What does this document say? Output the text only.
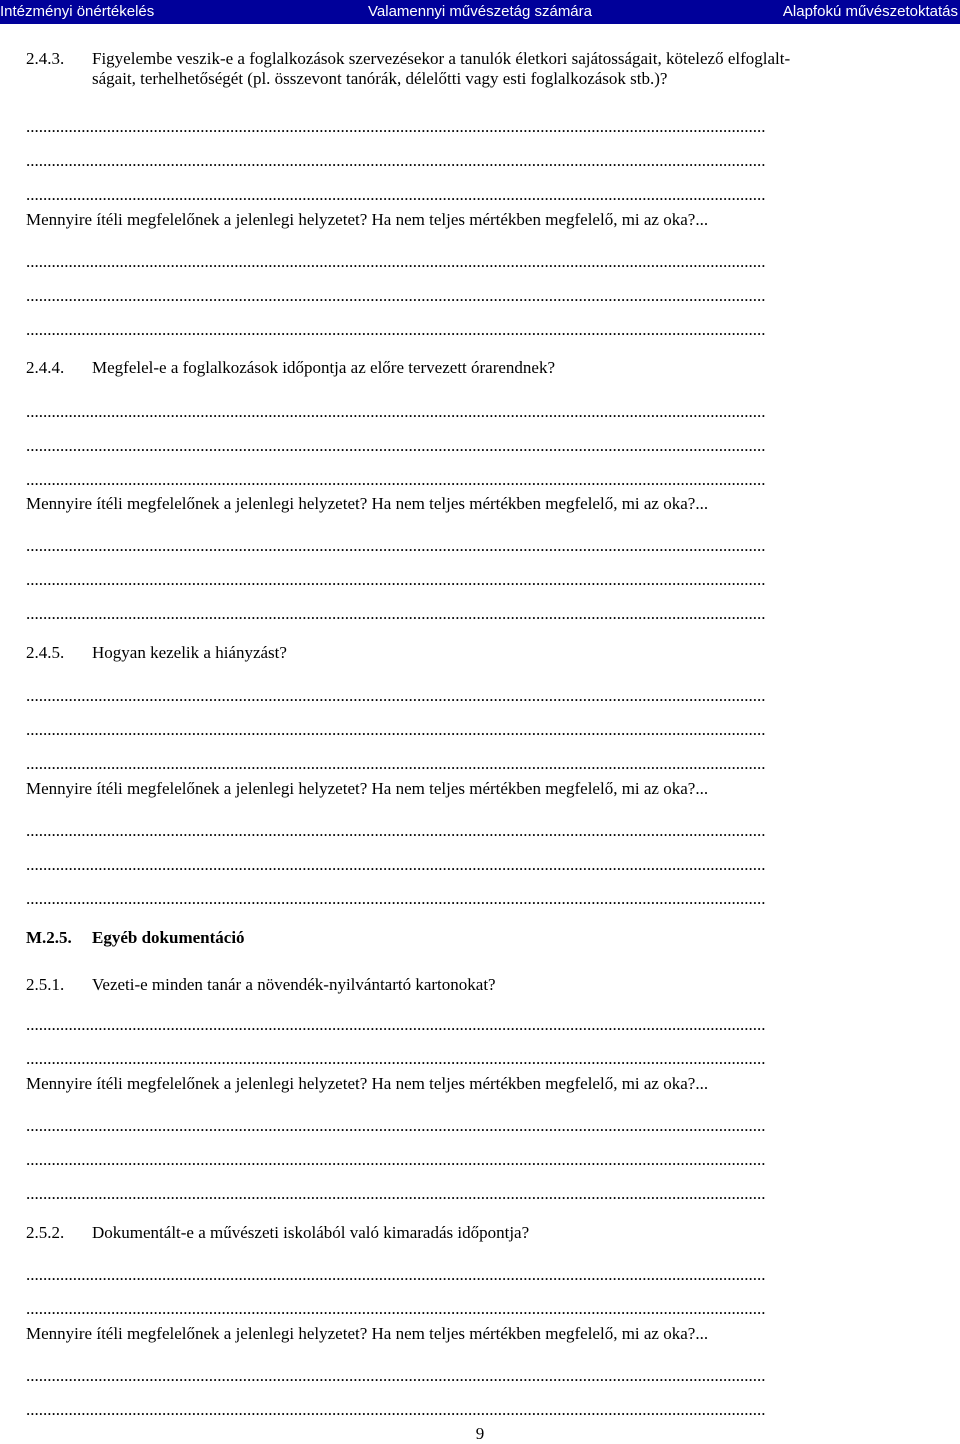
Intézményi önértékelés	Valamennyi művészetág számára	Alapfokú művészetoktatás
2.4.3. Figyelembe veszik-e a foglalkozások szervezésekor a tanulók életkori sajátosságait, kötelező elfoglalt-
ságait, terhelhetőségét (pl. összevont tanórák, délelőtti vagy esti foglalkozások stb.)?
..............................................................................................................................................................................
..............................................................................................................................................................................
..............................................................................................................................................................................
Mennyire ítéli megfelelőnek a jelenlegi helyzetet? Ha nem teljes mértékben megfelelő, mi az oka?...
..............................................................................................................................................................................
..............................................................................................................................................................................
..............................................................................................................................................................................
2.4.4. Megfelel-e a foglalkozások időpontja az előre tervezett órarendnek?
..............................................................................................................................................................................
..............................................................................................................................................................................
..............................................................................................................................................................................
Mennyire ítéli megfelelőnek a jelenlegi helyzetet? Ha nem teljes mértékben megfelelő, mi az oka?...
..............................................................................................................................................................................
..............................................................................................................................................................................
..............................................................................................................................................................................
2.4.5. Hogyan kezelik a hiányzást?
..............................................................................................................................................................................
..............................................................................................................................................................................
..............................................................................................................................................................................
Mennyire ítéli megfelelőnek a jelenlegi helyzetet? Ha nem teljes mértékben megfelelő, mi az oka?...
..............................................................................................................................................................................
..............................................................................................................................................................................
..............................................................................................................................................................................
M.2.5. Egyéb dokumentáció
2.5.1. Vezeti-e minden tanár a növendék-nyilvántartó kartonokat?
..............................................................................................................................................................................
..............................................................................................................................................................................
Mennyire ítéli megfelelőnek a jelenlegi helyzetet? Ha nem teljes mértékben megfelelő, mi az oka?...
..............................................................................................................................................................................
..............................................................................................................................................................................
..............................................................................................................................................................................
2.5.2. Dokumentált-e a művészeti iskolából való kimaradás időpontja?
..............................................................................................................................................................................
..............................................................................................................................................................................
Mennyire ítéli megfelelőnek a jelenlegi helyzetet? Ha nem teljes mértékben megfelelő, mi az oka?...
..............................................................................................................................................................................
..............................................................................................................................................................................
9
